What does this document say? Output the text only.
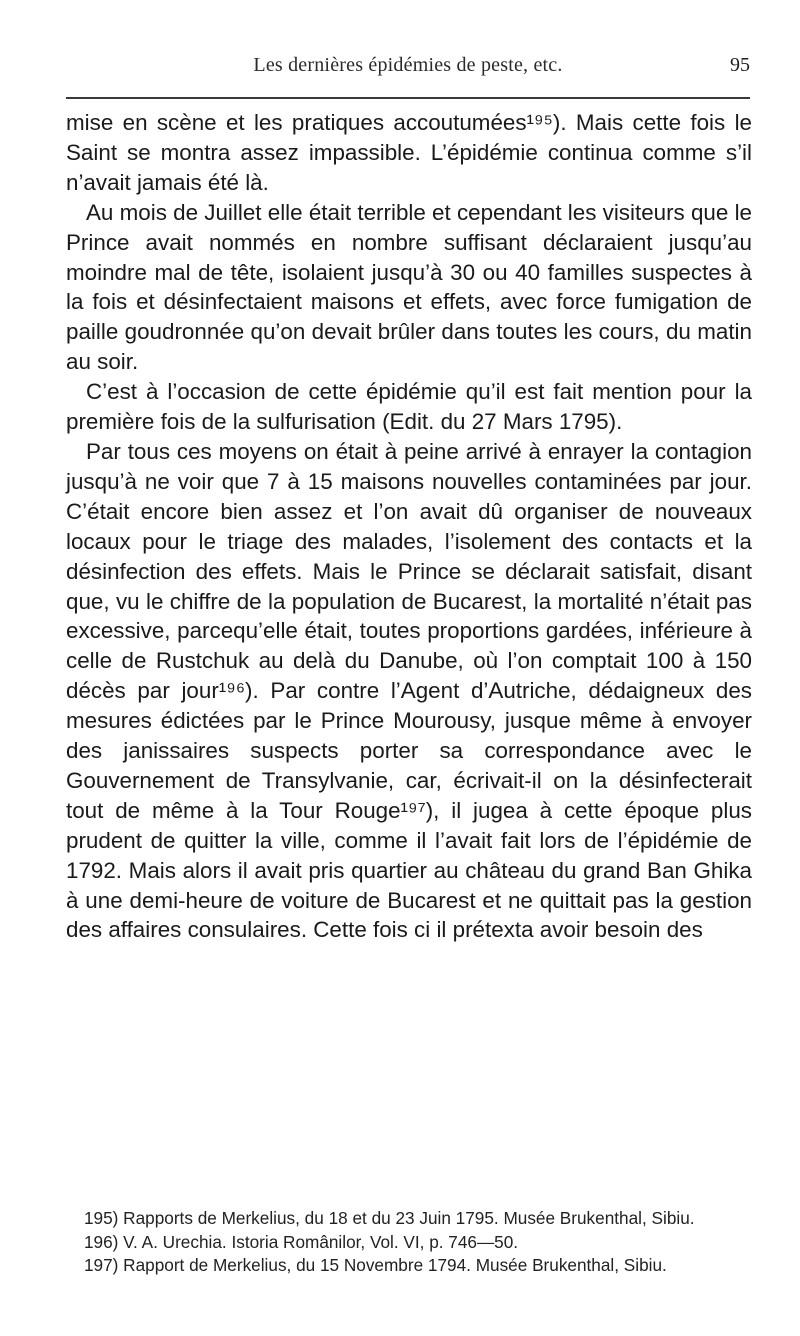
Les dernières épidémies de peste, etc.	95

mise en scène et les pratiques accoutumées¹⁹⁵). Mais cette fois le Saint se montra assez impassible. L’épidémie continua comme s’il n’avait jamais été là.

Au mois de Juillet elle était terrible et cependant les visiteurs que le Prince avait nommés en nombre suffisant déclaraient jusqu’au moindre mal de tête, isolaient jusqu’à 30 ou 40 familles suspectes à la fois et désinfectaient maisons et effets, avec force fumigation de paille goudronnée qu’on devait brûler dans toutes les cours, du matin au soir.

C’est à l’occasion de cette épidémie qu’il est fait mention pour la première fois de la sulfurisation (Edit. du 27 Mars 1795).

Par tous ces moyens on était à peine arrivé à enrayer la contagion jusqu’à ne voir que 7 à 15 maisons nouvelles contaminées par jour. C’était encore bien assez et l’on avait dû organiser de nouveaux locaux pour le triage des malades, l’isolement des contacts et la désinfection des effets. Mais le Prince se déclarait satisfait, disant que, vu le chiffre de la population de Bucarest, la mortalité n’était pas excessive, parcequ’elle était, toutes proportions gardées, inférieure à celle de Rustchuk au delà du Danube, où l’on comptait 100 à 150 décès par jour¹⁹⁶). Par contre l’Agent d’Autriche, dédaigneux des mesures édictées par le Prince Mourousy, jusque même à envoyer des janissaires suspects porter sa correspondance avec le Gouvernement de Transylvanie, car, écrivait-il on la désinfecterait tout de même à la Tour Rouge¹⁹⁷), il jugea à cette époque plus prudent de quitter la ville, comme il l’avait fait lors de l’épidémie de 1792. Mais alors il avait pris quartier au château du grand Ban Ghika à une demi-heure de voiture de Bucarest et ne quittait pas la gestion des affaires consulaires. Cette fois ci il prétexta avoir besoin des

195) Rapports de Merkelius, du 18 et du 23 Juin 1795. Musée Brukenthal, Sibiu.

196) V. A. Urechia. Istoria Românilor, Vol. VI, p. 746—50.

197) Rapport de Merkelius, du 15 Novembre 1794. Musée Brukenthal, Sibiu.
